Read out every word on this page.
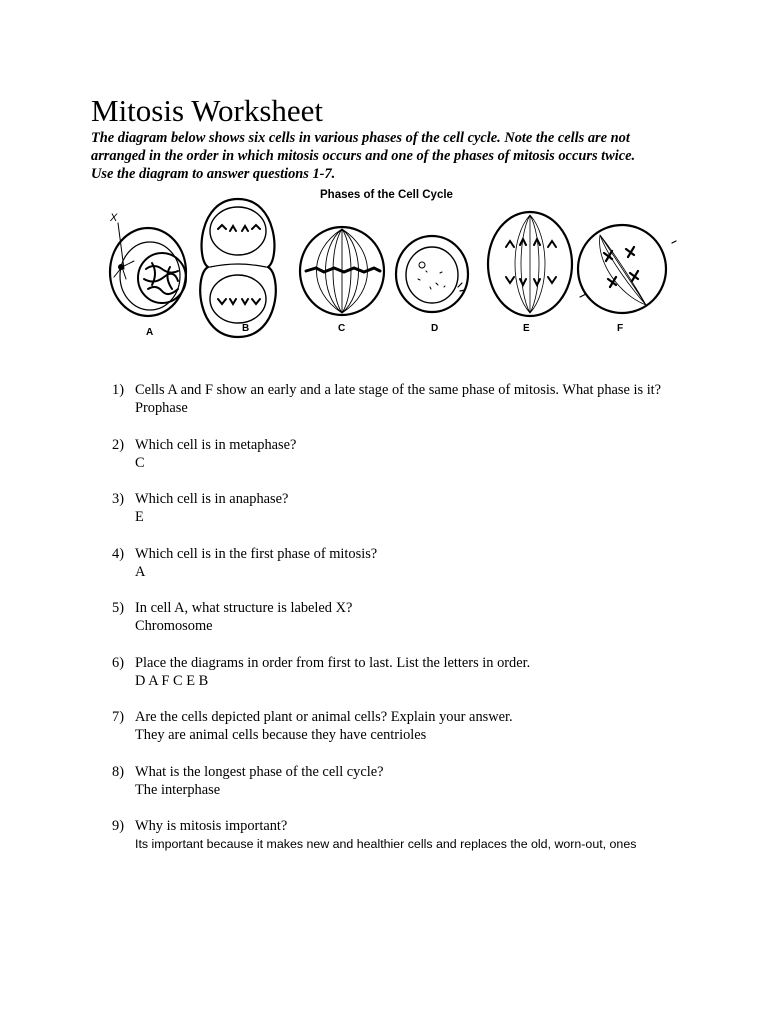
Mitosis Worksheet

The diagram below shows six cells in various phases of the cell cycle. Note the cells are not
arranged in the order in which mitosis occurs and one of the phases of mitosis occurs twice.
Use the diagram to answer questions 1-7.

Phases of the Cell Cycle

X
A	B	C	D	E	F
1) Cells A and F show an early and a late stage of the same phase of mitosis. What phase is it?
Prophase
2) Which cell is in metaphase?
C
3) Which cell is in anaphase?
E
4) Which cell is in the first phase of mitosis?
A
5) In cell A, what structure is labeled X?
Chromosome
6) Place the diagrams in order from first to last. List the letters in order.
D A F C E B
7) Are the cells depicted plant or animal cells? Explain your answer.
They are animal cells because they have centrioles
8) What is the longest phase of the cell cycle?
The interphase
9) Why is mitosis important?
Its important because it makes new and healthier cells and replaces the old, worn-out, ones
